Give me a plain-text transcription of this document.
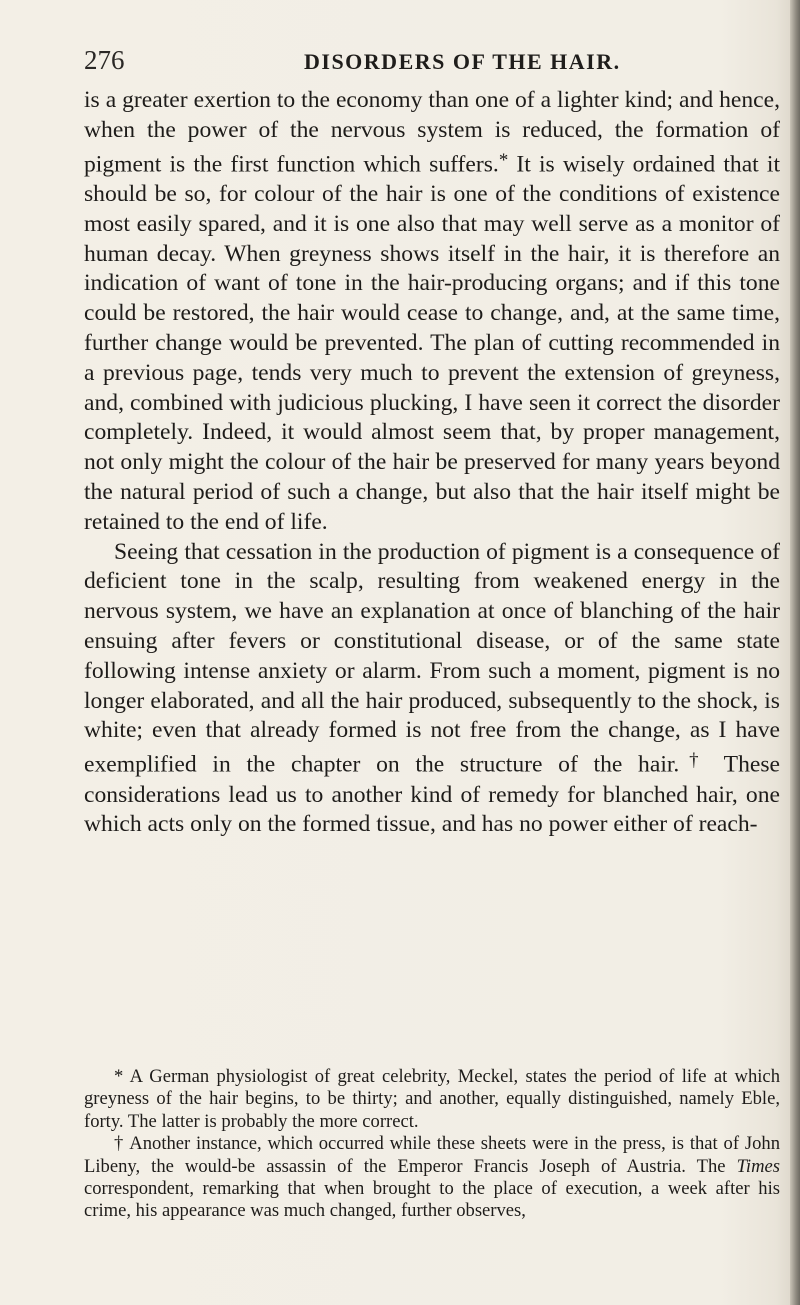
276	DISORDERS OF THE HAIR.

is a greater exertion to the economy than one of a lighter kind; and hence, when the power of the nervous system is reduced, the formation of pigment is the first function which suffers.* It is wisely ordained that it should be so, for colour of the hair is one of the conditions of existence most easily spared, and it is one also that may well serve as a monitor of human decay. When greyness shows itself in the hair, it is therefore an indication of want of tone in the hair-producing organs; and if this tone could be restored, the hair would cease to change, and, at the same time, further change would be prevented. The plan of cutting recommended in a previous page, tends very much to prevent the extension of greyness, and, combined with judicious plucking, I have seen it correct the disorder completely. Indeed, it would almost seem that, by proper management, not only might the colour of the hair be preserved for many years beyond the natural period of such a change, but also that the hair itself might be retained to the end of life.

Seeing that cessation in the production of pigment is a consequence of deficient tone in the scalp, resulting from weakened energy in the nervous system, we have an explanation at once of blanching of the hair ensuing after fevers or constitutional disease, or of the same state following intense anxiety or alarm. From such a moment, pigment is no longer elaborated, and all the hair produced, subsequently to the shock, is white; even that already formed is not free from the change, as I have exemplified in the chapter on the structure of the hair.† These considerations lead us to another kind of remedy for blanched hair, one which acts only on the formed tissue, and has no power either of reach-

* A German physiologist of great celebrity, Meckel, states the period of life at which greyness of the hair begins, to be thirty; and another, equally distinguished, namely Eble, forty. The latter is probably the more correct.

† Another instance, which occurred while these sheets were in the press, is that of John Libeny, the would-be assassin of the Emperor Francis Joseph of Austria. The Times correspondent, remarking that when brought to the place of execution, a week after his crime, his appearance was much changed, further observes,
